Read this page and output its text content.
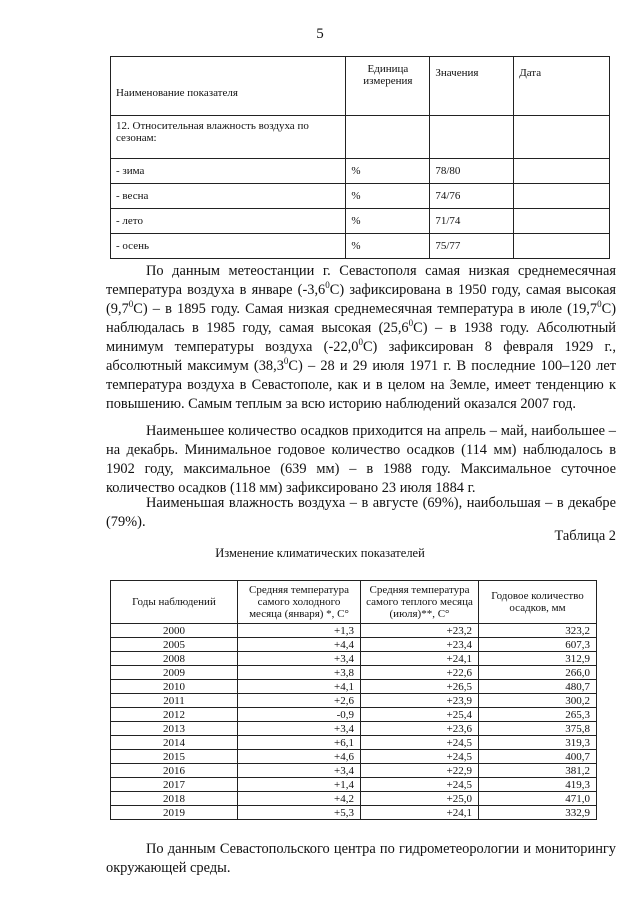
5
Наименование показателя	Единица измерения	Значения	Дата
12. Относительная влажность воздуха по сезонам:			
- зима	%	78/80	
- весна	%	74/76	
- лето	%	71/74	
- осень	%	75/77	

По данным метеостанции г. Севастополя самая низкая среднемесячная температура воздуха в январе $(-3,6^0С)$ зафиксирована в 1950 году, самая высокая $(9,7^0С)$ – в 1895 году. Самая низкая среднемесячная температура в июле (19,7$^0$С) наблюдалась в 1985 году, самая высокая (25,6$^0$С) – в 1938 году. Абсолютный минимум температуры воздуха (-22,0$^0$С) зафиксирован 8 февраля 1929 г., абсолютный максимум (38,3$^0$С) – 28 и 29 июля 1971 г. В последние 100–120 лет температура воздуха в Севастополе, как и в целом на Земле, имеет тенденцию к повышению. Самым теплым за всю историю наблюдений оказался 2007 год.

Наименьшее количество осадков приходится на апрель – май, наибольшее – на декабрь. Минимальное годовое количество осадков (114 мм) наблюдалось в 1902 году, максимальное (639 мм) – в 1988 году. Максимальное суточное количество осадков (118 мм) зафиксировано 23 июля 1884 г.

Наименьшая влажность воздуха – в августе (69%), наибольшая – в декабре (79%).

Таблица 2
Изменение климатических показателей
Годы наблюдений	Средняя температура самого холодного месяца (января) *, С°	Средняя температура самого теплого месяца (июля)**, С°	Годовое количество осадков, мм
2000	+1,3	+23,2	323,2
2005	+4,4	+23,4	607,3
2008	+3,4	+24,1	312,9
2009	+3,8	+22,6	266,0
2010	+4,1	+26,5	480,7
2011	+2,6	+23,9	300,2
2012	-0,9	+25,4	265,3
2013	+3,4	+23,6	375,8
2014	+6,1	+24,5	319,3
2015	+4,6	+24,5	400,7
2016	+3,4	+22,9	381,2
2017	+1,4	+24,5	419,3
2018	+4,2	+25,0	471,0
2019	+5,3	+24,1	332,9

По данным Севастопольского центра по гидрометеорологии и мониторингу окружающей среды.
